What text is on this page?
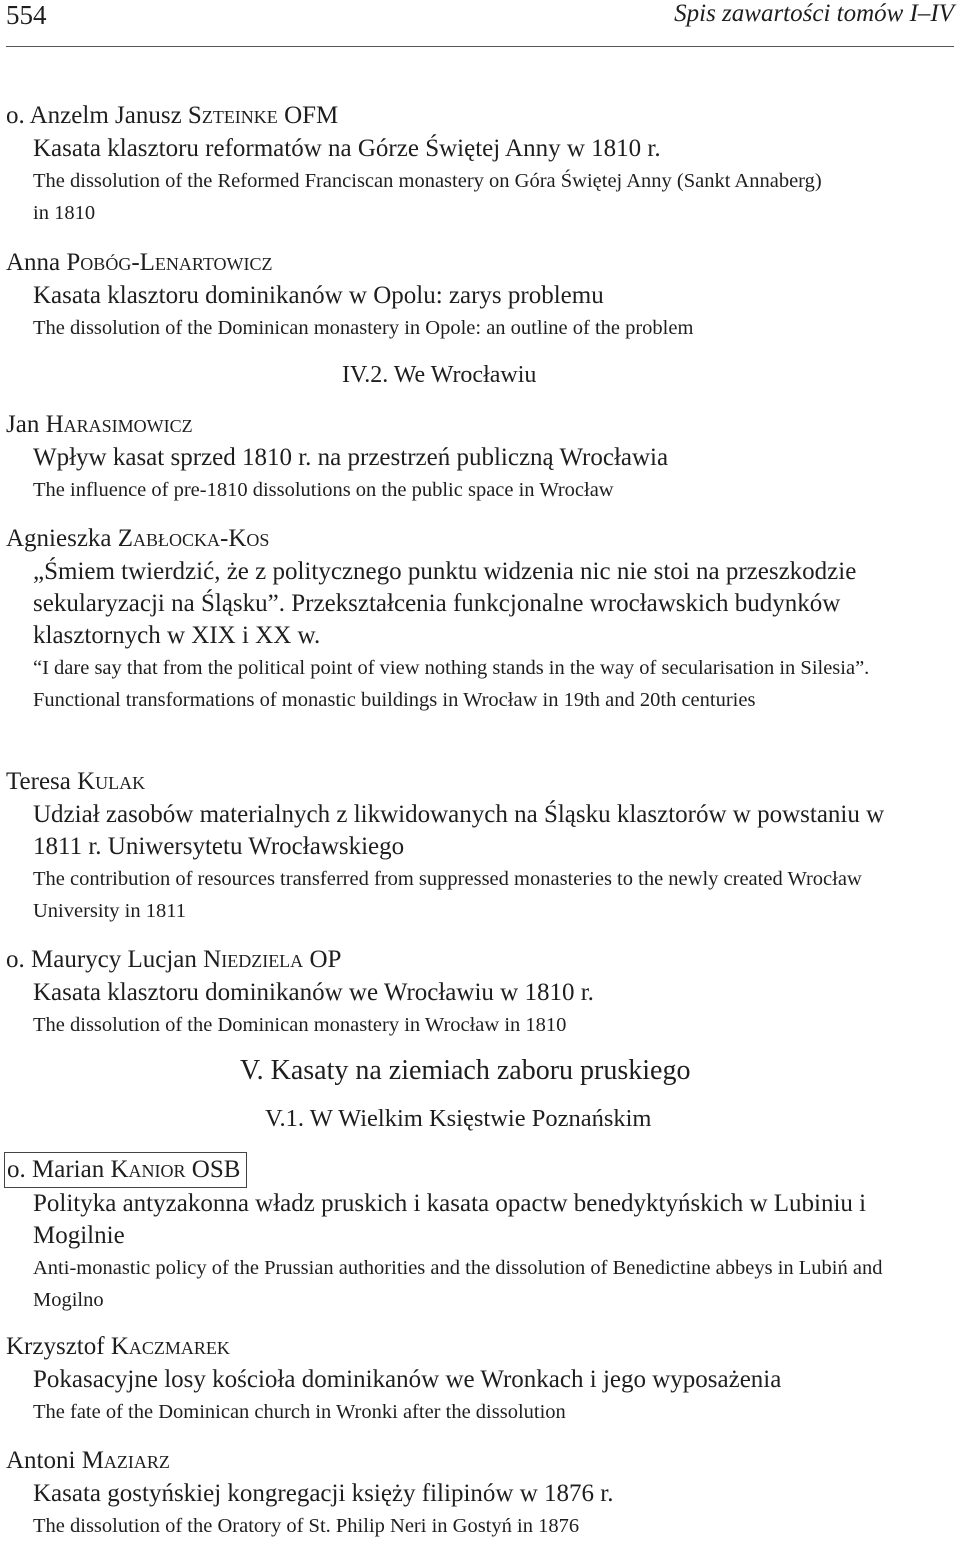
554	Spis zawartości tomów I–IV
o. Anzelm Janusz Szteinke OFM
Kasata klasztoru reformatów na Górze Świętej Anny w 1810 r.
The dissolution of the Reformed Franciscan monastery on Góra Świętej Anny (Sankt Annaberg) in 1810
Anna Pobóg-Lenartowicz
Kasata klasztoru dominikanów w Opolu: zarys problemu
The dissolution of the Dominican monastery in Opole: an outline of the problem
IV.2. We Wrocławiu
Jan Harasimowicz
Wpływ kasat sprzed 1810 r. na przestrzeń publiczną Wrocławia
The influence of pre-1810 dissolutions on the public space in Wrocław
Agnieszka Zabłocka-Kos
„Śmiem twierdzić, że z politycznego punktu widzenia nic nie stoi na przeszkodzie sekularyzacji na Śląsku”. Przekształcenia funkcjonalne wrocławskich budynków klasztornych w XIX i XX w.
“I dare say that from the political point of view nothing stands in the way of secularisation in Silesia”. Functional transformations of monastic buildings in Wrocław in 19th and 20th centuries
Teresa Kulak
Udział zasobów materialnych z likwidowanych na Śląsku klasztorów w powstaniu w 1811 r. Uniwersytetu Wrocławskiego
The contribution of resources transferred from suppressed monasteries to the newly created Wrocław University in 1811
o. Maurycy Lucjan Niedziela OP
Kasata klasztoru dominikanów we Wrocławiu w 1810 r.
The dissolution of the Dominican monastery in Wrocław in 1810
V. Kasaty na ziemiach zaboru pruskiego
V.1. W Wielkim Księstwie Poznańskim
o. Marian Kanior OSB
Polityka antyzakonna władz pruskich i kasata opactw benedyktyńskich w Lubiniu i Mogilnie
Anti-monastic policy of the Prussian authorities and the dissolution of Benedictine abbeys in Lubiń and Mogilno
Krzysztof Kaczmarek
Pokasacyjne losy kościoła dominikanów we Wronkach i jego wyposażenia
The fate of the Dominican church in Wronki after the dissolution
Antoni Maziarz
Kasata gostyńskiej kongregacji księży filipinów w 1876 r.
The dissolution of the Oratory of St. Philip Neri in Gostyń in 1876
